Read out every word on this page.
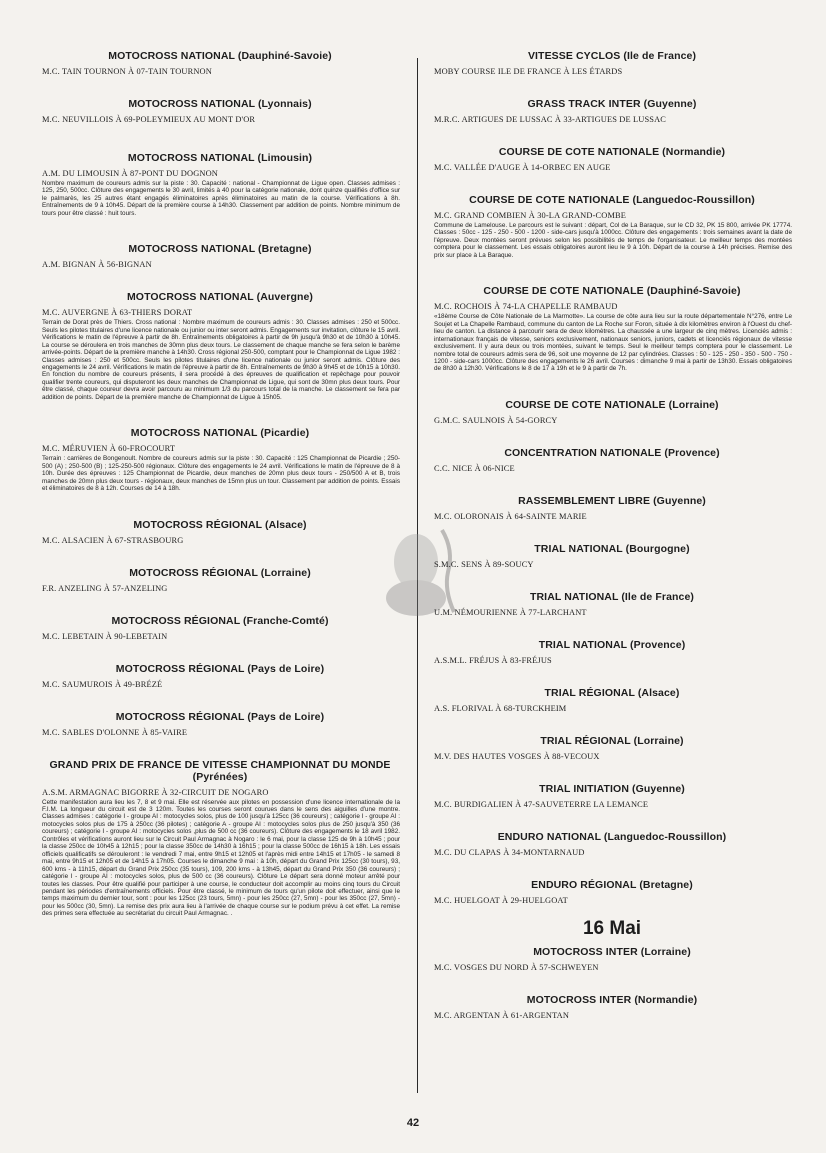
MOTOCROSS NATIONAL (Dauphiné-Savoie)

M.C. TAIN TOURNON À 07-TAIN TOURNON

MOTOCROSS NATIONAL (Lyonnais)

M.C. NEUVILLOIS À 69-POLEYMIEUX AU MONT D'OR

MOTOCROSS NATIONAL (Limousin)

A.M. DU LIMOUSIN À 87-PONT DU DOGNON

Nombre maximum de coureurs admis sur la piste : 30. Capacité : national - Championnat de Ligue open. Classes admises : 125, 250, 500cc. Clôture des engagements le 30 avril, limités à 40 pour la catégorie nationale, dont quinze qualifiés d'office sur le palmarès, les 25 autres étant engagés éliminatoires après éliminatoires au matin de la course. Vérifications à 8h. Entraînements de 9 à 10h45. Départ de la première course à 14h30. Classement par addition de points. Nombre minimum de tours pour être classé : huit tours.

MOTOCROSS NATIONAL (Bretagne)

A.M. BIGNAN À 56-BIGNAN

MOTOCROSS NATIONAL (Auvergne)

M.C. AUVERGNE À 63-THIERS DORAT

Terrain de Dorat près de Thiers. Cross national : Nombre maximum de coureurs admis : 30. Classes admises : 250 et 500cc. Seuls les pilotes titulaires d'une licence nationale ou junior ou inter seront admis. Engagements sur invitation, clôture le 15 avril. Vérifications le matin de l'épreuve à partir de 8h. Entraînements obligatoires à partir de 9h jusqu'à 9h30 et de 10h30 à 10h45. La course se déroulera en trois manches de 30mn plus deux tours. Le classement de chaque manche se fera selon le barème arrivée-points. Départ de la première manche à 14h30. Cross régional 250-500, comptant pour le Championnat de Ligue 1982 : Classes admises : 250 et 500cc. Seuls les pilotes titulaires d'une licence nationale ou junior seront admis. Clôture des engagements le 24 avril. Vérifications le matin de l'épreuve à partir de 8h. Entraînements de 9h30 à 9h45 et de 10h15 à 10h30. En fonction du nombre de coureurs présents, il sera procédé à des épreuves de qualification et repêchage pour pouvoir qualifier trente coureurs, qui disputeront les deux manches de Championnat de Ligue, qui sont de 30mn plus deux tours. Pour être classé, chaque coureur devra avoir parcouru au minimum 1/3 du parcours total de la manche. Le classement se fera par addition de points. Départ de la première manche de Championnat de Ligue à 15h05.

MOTOCROSS NATIONAL (Picardie)

M.C. MÉRUVIEN À 60-FROCOURT

Terrain : carrières de Bongenoult. Nombre de coureurs admis sur la piste : 30. Capacité : 125 Championnat de Picardie ; 250-500 (A) ; 250-500 (B) ; 125-250-500 régionaux. Clôture des engagements le 24 avril. Vérifications le matin de l'épreuve de 8 à 10h. Durée des épreuves : 125 Championnat de Picardie, deux manches de 20mn plus deux tours - 250/500 A et B, trois manches de 20mn plus deux tours - régionaux, deux manches de 15mn plus un tour. Classement par addition de points. Essais et éliminatoires de 8 à 12h. Courses de 14 à 18h.

MOTOCROSS RÉGIONAL (Alsace)

M.C. ALSACIEN À 67-STRASBOURG

MOTOCROSS RÉGIONAL (Lorraine)

F.R. ANZELING À 57-ANZELING

MOTOCROSS RÉGIONAL (Franche-Comté)

M.C. LEBETAIN À 90-LEBETAIN

MOTOCROSS RÉGIONAL (Pays de Loire)

M.C. SAUMUROIS À 49-BRÉZÉ

MOTOCROSS RÉGIONAL (Pays de Loire)

M.C. SABLES D'OLONNE À 85-VAIRE

GRAND PRIX DE FRANCE DE VITESSE CHAMPIONNAT DU MONDE (Pyrénées)

A.S.M. ARMAGNAC BIGORRE À 32-CIRCUIT DE NOGARO

Cette manifestation aura lieu les 7, 8 et 9 mai. Elle est réservée aux pilotes en possession d'une licence internationale de la F.I.M. La longueur du circuit est de 3 120m. Toutes les courses seront courues dans le sens des aiguilles d'une montre. Classes admises : catégorie I - groupe AI : motocycles solos, plus de 100 jusqu'à 125cc (36 coureurs) ; catégorie I - groupe AI : motocycles solos plus de 175 à 250cc (36 pilotes) ; catégorie A - groupe AI : motocycles solos plus de 250 jusqu'à 350 (36 coureurs) ; catégorie I - groupe AI : motocycles solos ,plus de 500 cc (36 coureurs). Clôture des engagements le 18 avril 1982. Contrôles et vérifications auront lieu sur le Circuit Paul Armagnac à Nogaro : le 6 mai, pour la classe 125 de 9h à 10h45 ; pour la classe 250cc de 10h45 à 12h15 ; pour la classe 350cc de 14h30 à 16h15 ; pour la classe 500cc de 16h15 à 18h. Les essais officiels qualificatifs se dérouleront : le vendredi 7 mai, entre 9h15 et 12h05 et l'après midi entre 14h15 et 17h05 - le samedi 8 mai, entre 9h15 et 12h05 et de 14h15 à 17h05. Courses le dimanche 9 mai : à 10h, départ du Grand Prix 125cc (30 tours), 93, 600 kms - à 11h15, départ du Grand Prix 250cc (35 tours), 109, 200 kms - à 13h45, départ du Grand Prix 350 (36 coureurs) ; catégorie I - groupe AI : motocycles solos, plus de 500 cc (36 coureurs). Clôture Le départ sera donné moteur arrêté pour toutes les classes. Pour être qualifié pour participer à une course, le conducteur doit accomplir au moins cinq tours du Circuit pendant les périodes d'entraînements officiels. Pour être classé, le minimum de tours qu'un pilote doit effectuer, ainsi que le temps maximum du dernier tour, sont : pour les 125cc (23 tours, 5mn) - pour les 250cc (27, 5mn) - pour les 350cc (27, 5mn) - pour les 500cc (30, 5mn). La remise des prix aura lieu à l'arrivée de chaque course sur le podium prévu à cet effet. La remise des primes sera effectuée au secrétariat du circuit Paul Armagnac. .

VITESSE CYCLOS (Ile de France)

MOBY COURSE ILE DE FRANCE À LES ÉTARDS

GRASS TRACK INTER (Guyenne)

M.R.C. ARTIGUES DE LUSSAC À 33-ARTIGUES DE LUSSAC

COURSE DE COTE NATIONALE (Normandie)

M.C. VALLÉE D'AUGE À 14-ORBEC EN AUGE

COURSE DE COTE NATIONALE (Languedoc-Roussillon)

M.C. GRAND COMBIEN À 30-LA GRAND-COMBE

Commune de Lamelouse. Le parcours est le suivant : départ, Col de La Baraque, sur le CD 32, PK 15 800, arrivée PK 17774. Classes : 50cc - 125 - 250 - 500 - 1200 - side-cars jusqu'à 1000cc. Clôture des engagements : trois semaines avant la date de l'épreuve. Deux montées seront prévues selon les possibilités de temps de l'organisateur. Le meilleur temps des montées comptera pour le classement. Les essais obligatoires auront lieu le 9 à 10h. Départ de la course à 14h précises. Remise des prix sur place à La Baraque.

COURSE DE COTE NATIONALE (Dauphiné-Savoie)

M.C. ROCHOIS À 74-LA CHAPELLE RAMBAUD

«18ème Course de Côte Nationale de La Marmotte». La course de côte aura lieu sur la route départementale N°276, entre Le Soujet et La Chapelle Rambaud, commune du canton de La Roche sur Foron, située à dix kilomètres environ à l'Ouest du chef-lieu de canton. La distance à parcourir sera de deux kilomètres. La chaussée a une largeur de cinq mètres. Licenciés admis : internationaux français de vitesse, seniors exclusivement, nationaux seniors, juniors, cadets et licenciés régionaux de vitesse exclusivement. Il y aura deux ou trois montées, suivant le temps. Seul le meilleur temps comptera pour le classement. Le nombre total de coureurs admis sera de 96, soit une moyenne de 12 par cylindrées. Classes : 50 - 125 - 250 - 350 - 500 - 750 - 1200 - side-cars 1000cc. Clôture des engagements le 26 avril. Courses : dimanche 9 mai à partir de 13h30. Essais obligatoires de 8h30 à 12h30. Vérifications le 8 de 17 à 19h et le 9 à partir de 7h.

COURSE DE COTE NATIONALE (Lorraine)

G.M.C. SAULNOIS À 54-GORCY

CONCENTRATION NATIONALE (Provence)

C.C. NICE À 06-NICE

RASSEMBLEMENT LIBRE (Guyenne)

M.C. OLORONAIS À 64-SAINTE MARIE

TRIAL NATIONAL (Bourgogne)

S.M.C. SENS À 89-SOUCY

TRIAL NATIONAL (Ile de France)

U.M. NÉMOURIENNE À 77-LARCHANT

TRIAL NATIONAL (Provence)

A.S.M.L. FRÉJUS À 83-FRÉJUS

TRIAL RÉGIONAL (Alsace)

A.S. FLORIVAL À 68-TURCKHEIM

TRIAL RÉGIONAL (Lorraine)

M.V. DES HAUTES VOSGES À 88-VECOUX

TRIAL INITIATION (Guyenne)

M.C. BURDIGALIEN À 47-SAUVETERRE LA LEMANCE

ENDURO NATIONAL (Languedoc-Roussillon)

M.C. DU CLAPAS À 34-MONTARNAUD

ENDURO RÉGIONAL (Bretagne)

M.C. HUELGOAT À 29-HUELGOAT

16 Mai
MOTOCROSS INTER (Lorraine)

M.C. VOSGES DU NORD À 57-SCHWEYEN

MOTOCROSS INTER (Normandie)

M.C. ARGENTAN À 61-ARGENTAN

42
